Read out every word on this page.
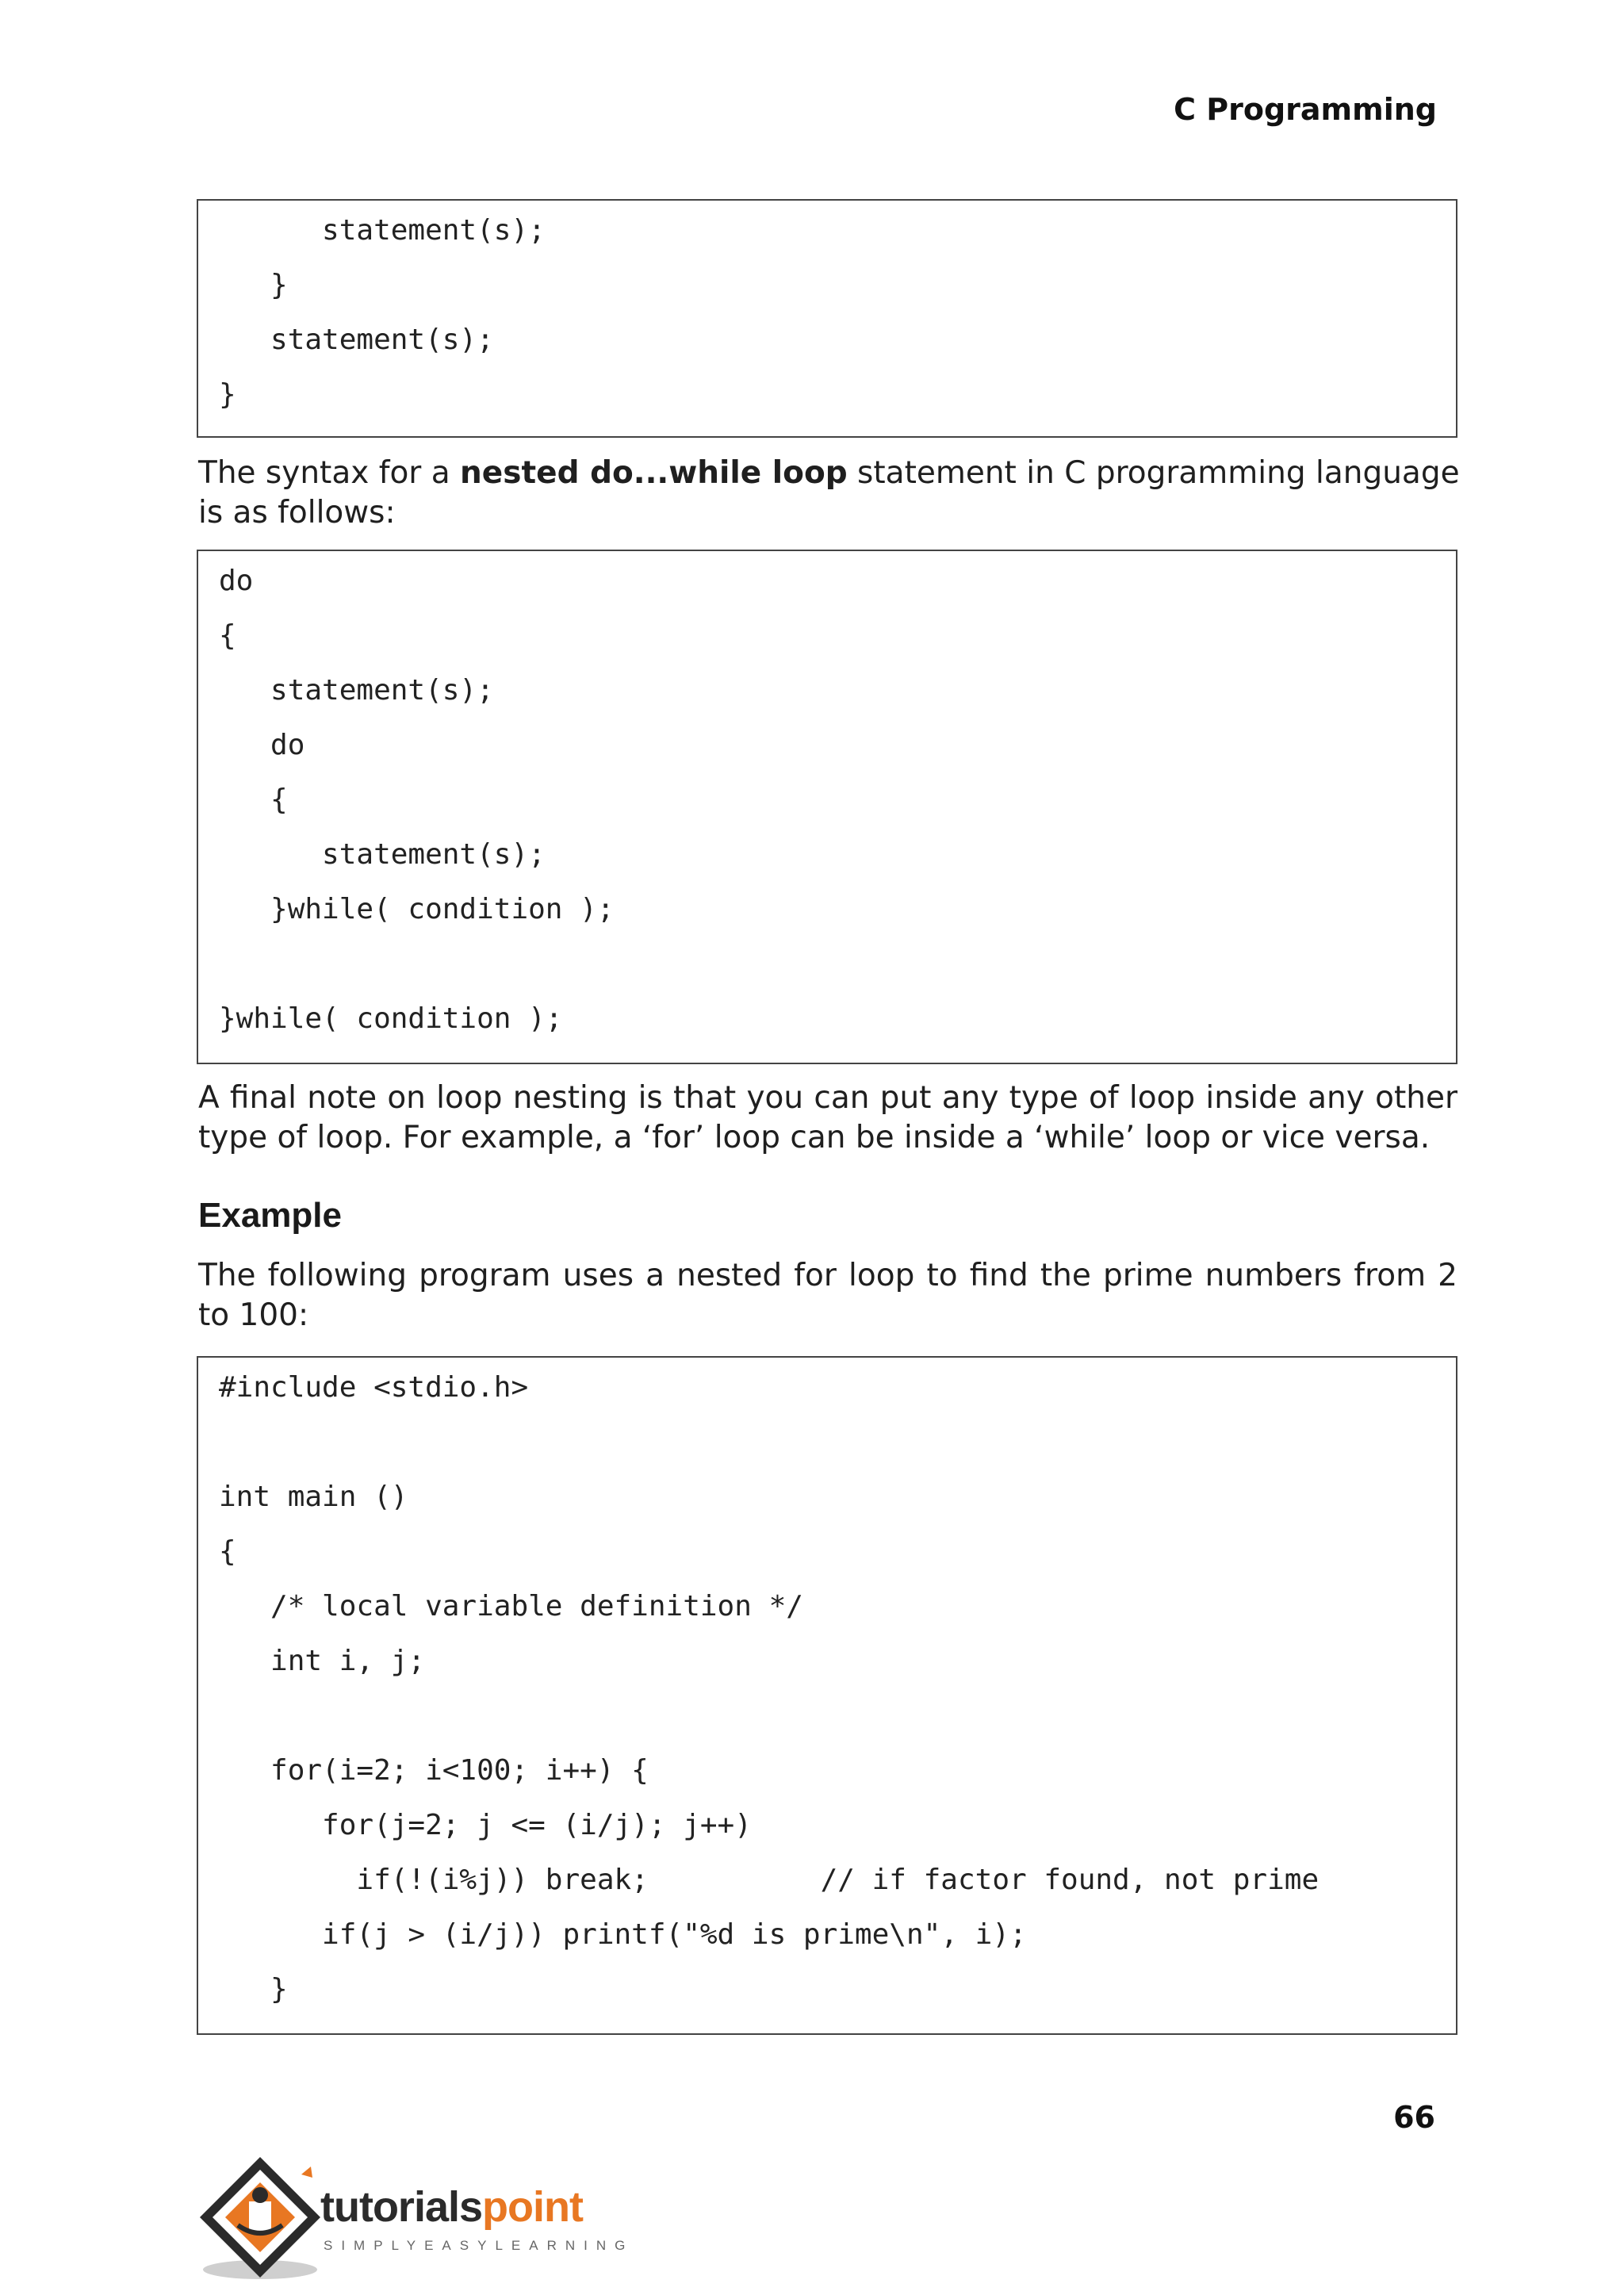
C Programming
statement(s);
}
statement(s);
}
The syntax for a nested do...while loop statement in C programming language
is as follows:
do
{
statement(s);
do
{
statement(s);
}while( condition );
}while( condition );
A final note on loop nesting is that you can put any type of loop inside any other
type of loop. For example, a ‘for’ loop can be inside a ‘while’ loop or vice versa.
Example
The following program uses a nested for loop to find the prime numbers from 2
to 100:
#include <stdio.h>
int main ()
{
/* local variable definition */
int i, j;
for(i=2; i<100; i++) {
for(j=2; j <= (i/j); j++)
if(!(i%j)) break;          // if factor found, not prime
if(j > (i/j)) printf("%d is prime\n", i);
}
66
tutorialspoint
SIMPLYEASYLEARNING
